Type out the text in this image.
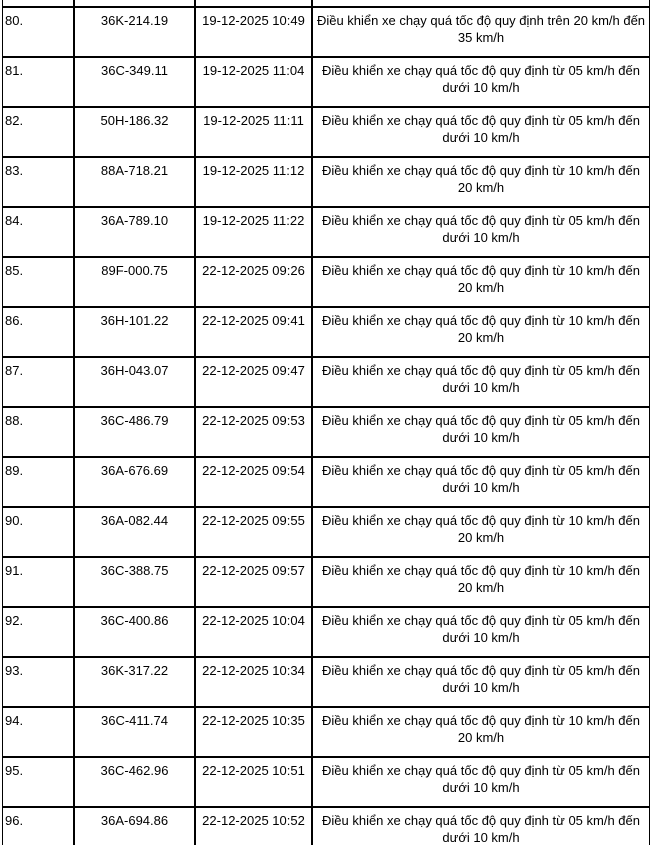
80.	36K-214.19	19-12-2025 10:49	Điều khiển xe chạy quá tốc độ quy định trên 20 km/h đến 35 km/h
81.	36C-349.11	19-12-2025 11:04	Điều khiển xe chạy quá tốc độ quy định từ 05 km/h đến dưới 10 km/h
82.	50H-186.32	19-12-2025 11:11	Điều khiển xe chạy quá tốc độ quy định từ 05 km/h đến dưới 10 km/h
83.	88A-718.21	19-12-2025 11:12	Điều khiển xe chạy quá tốc độ quy định từ 10 km/h đến 20 km/h
84.	36A-789.10	19-12-2025 11:22	Điều khiển xe chạy quá tốc độ quy định từ 05 km/h đến dưới 10 km/h
85.	89F-000.75	22-12-2025 09:26	Điều khiển xe chạy quá tốc độ quy định từ 10 km/h đến 20 km/h
86.	36H-101.22	22-12-2025 09:41	Điều khiển xe chạy quá tốc độ quy định từ 10 km/h đến 20 km/h
87.	36H-043.07	22-12-2025 09:47	Điều khiển xe chạy quá tốc độ quy định từ 05 km/h đến dưới 10 km/h
88.	36C-486.79	22-12-2025 09:53	Điều khiển xe chạy quá tốc độ quy định từ 05 km/h đến dưới 10 km/h
89.	36A-676.69	22-12-2025 09:54	Điều khiển xe chạy quá tốc độ quy định từ 05 km/h đến dưới 10 km/h
90.	36A-082.44	22-12-2025 09:55	Điều khiển xe chạy quá tốc độ quy định từ 10 km/h đến 20 km/h
91.	36C-388.75	22-12-2025 09:57	Điều khiển xe chạy quá tốc độ quy định từ 10 km/h đến 20 km/h
92.	36C-400.86	22-12-2025 10:04	Điều khiển xe chạy quá tốc độ quy định từ 05 km/h đến dưới 10 km/h
93.	36K-317.22	22-12-2025 10:34	Điều khiển xe chạy quá tốc độ quy định từ 05 km/h đến dưới 10 km/h
94.	36C-411.74	22-12-2025 10:35	Điều khiển xe chạy quá tốc độ quy định từ 10 km/h đến 20 km/h
95.	36C-462.96	22-12-2025 10:51	Điều khiển xe chạy quá tốc độ quy định từ 05 km/h đến dưới 10 km/h
96.	36A-694.86	22-12-2025 10:52	Điều khiển xe chạy quá tốc độ quy định từ 05 km/h đến dưới 10 km/h
